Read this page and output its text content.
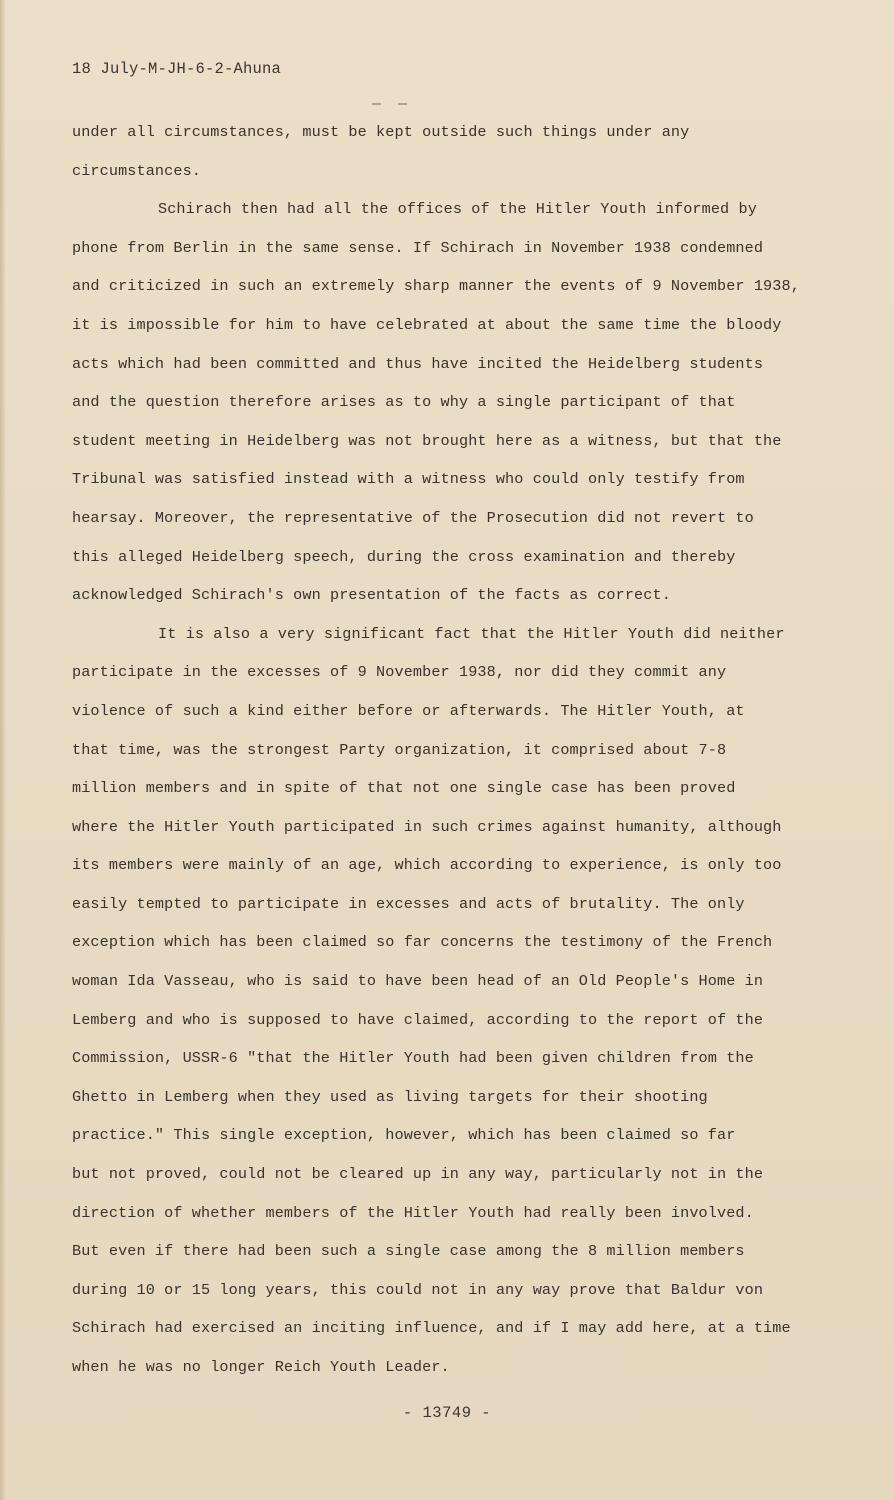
18 July-M-JH-6-2-Ahuna
under all circumstances, must be kept outside such things under any
circumstances.
Schirach then had all the offices of the Hitler Youth informed by
phone from Berlin in the same sense. If Schirach in November 1938 condemned
and criticized in such an extremely sharp manner the events of 9 November 1938,
it is impossible for him to have celebrated at about the same time the bloody
acts which had been committed and thus have incited the Heidelberg students
and the question therefore arises as to why a single participant of that
student meeting in Heidelberg was not brought here as a witness, but that the
Tribunal was satisfied instead with a witness who could only testify from
hearsay. Moreover, the representative of the Prosecution did not revert to
this alleged Heidelberg speech, during the cross examination and thereby
acknowledged Schirach's own presentation of the facts as correct.
It is also a very significant fact that the Hitler Youth did neither
participate in the excesses of 9 November 1938, nor did they commit any
violence of such a kind either before or afterwards. The Hitler Youth, at
that time, was the strongest Party organization, it comprised about 7-8
million members and in spite of that not one single case has been proved
where the Hitler Youth participated in such crimes against humanity, although
its members were mainly of an age, which according to experience, is only too
easily tempted to participate in excesses and acts of brutality. The only
exception which has been claimed so far concerns the testimony of the French
woman Ida Vasseau, who is said to have been head of an Old People's Home in
Lemberg and who is supposed to have claimed, according to the report of the
Commission, USSR-6 "that the Hitler Youth had been given children from the
Ghetto in Lemberg when they used as living targets for their shooting
practice." This single exception, however, which has been claimed so far
but not proved, could not be cleared up in any way, particularly not in the
direction of whether members of the Hitler Youth had really been involved.
But even if there had been such a single case among the 8 million members
during 10 or 15 long years, this could not in any way prove that Baldur von
Schirach had exercised an inciting influence, and if I may add here, at a time
when he was no longer Reich Youth Leader.
- 13749 -
